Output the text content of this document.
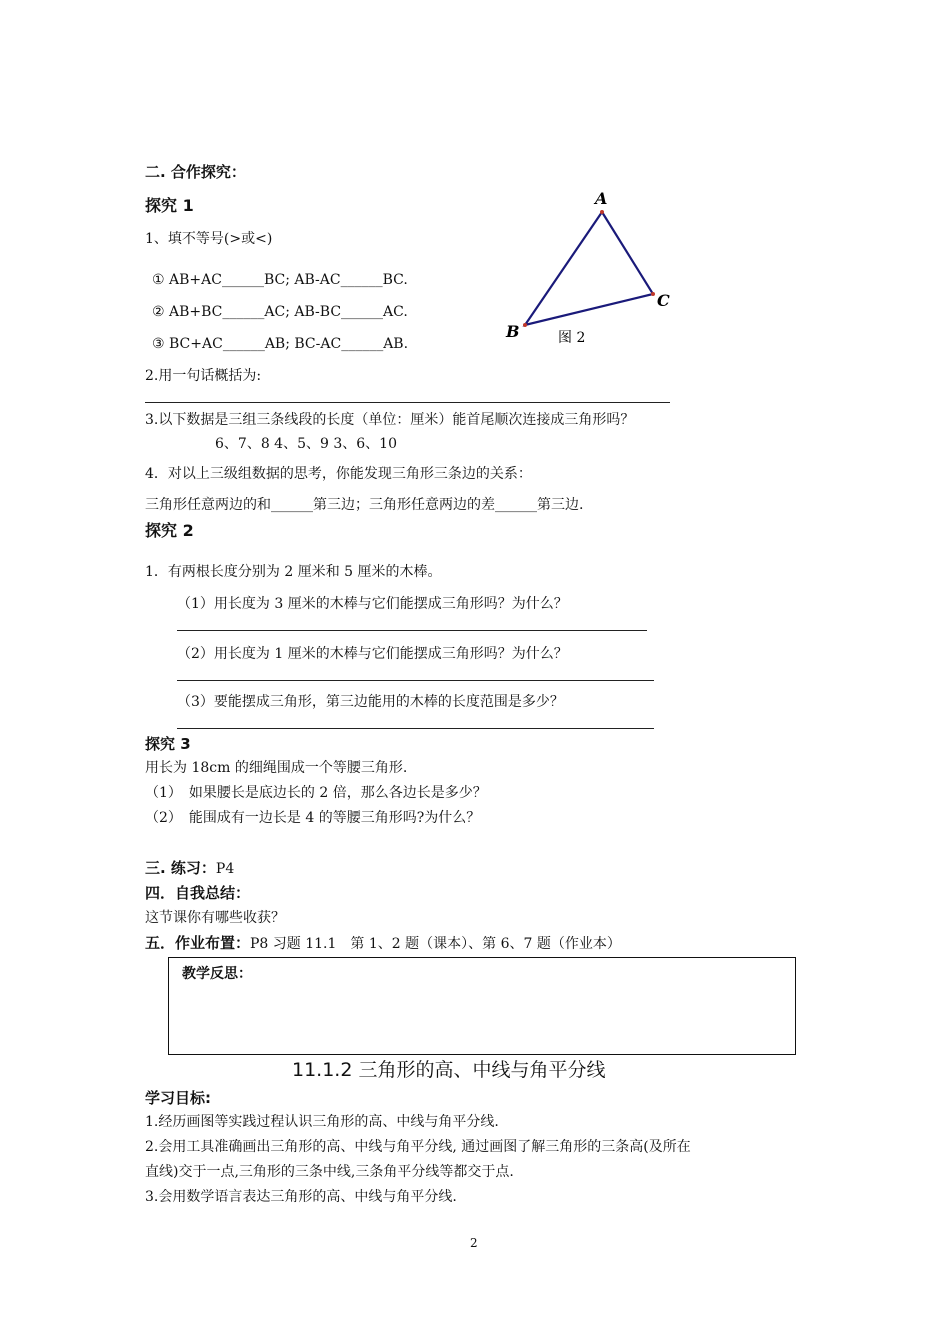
二. 合作探究：
探究 1
1、填不等号(>或<)
① AB+AC______BC; AB-AC______BC.
② AB+BC______AC; AB-BC______AC.
③ BC+AC______AB; BC-AC______AB.
2.用一句话概括为:
3.以下数据是三组三条线段的长度（单位：厘米）能首尾顺次连接成三角形吗？
6、7、8 4、5、9 3、6、10
4．对以上三级组数据的思考，你能发现三角形三条边的关系：
三角形任意两边的和______第三边；三角形任意两边的差______第三边.
A
C
B	图 2
探究 2
1．有两根长度分别为 2 厘米和 5 厘米的木棒。
（1）用长度为 3 厘米的木棒与它们能摆成三角形吗？为什么？
（2）用长度为 1 厘米的木棒与它们能摆成三角形吗？为什么？
（3）要能摆成三角形，第三边能用的木棒的长度范围是多少？
探究 3
用长为 18cm 的细绳围成一个等腰三角形.
（1）　如果腰长是底边长的 2 倍，那么各边长是多少？
（2）　能围成有一边长是 4 的等腰三角形吗?为什么？
三. 练习：P4
四．自我总结：
这节课你有哪些收获？
五．作业布置：P8 习题 11.1　第 1、2 题（课本）、第 6、7 题（作业本）
教学反思：
11.1.2 三角形的高、中线与角平分线
学习目标:
1.经历画图等实践过程认识三角形的高、中线与角平分线.
2.会用工具准确画出三角形的高、中线与角平分线, 通过画图了解三角形的三条高(及所在
直线)交于一点,三角形的三条中线,三条角平分线等都交于点.
3.会用数学语言表达三角形的高、中线与角平分线.
2
